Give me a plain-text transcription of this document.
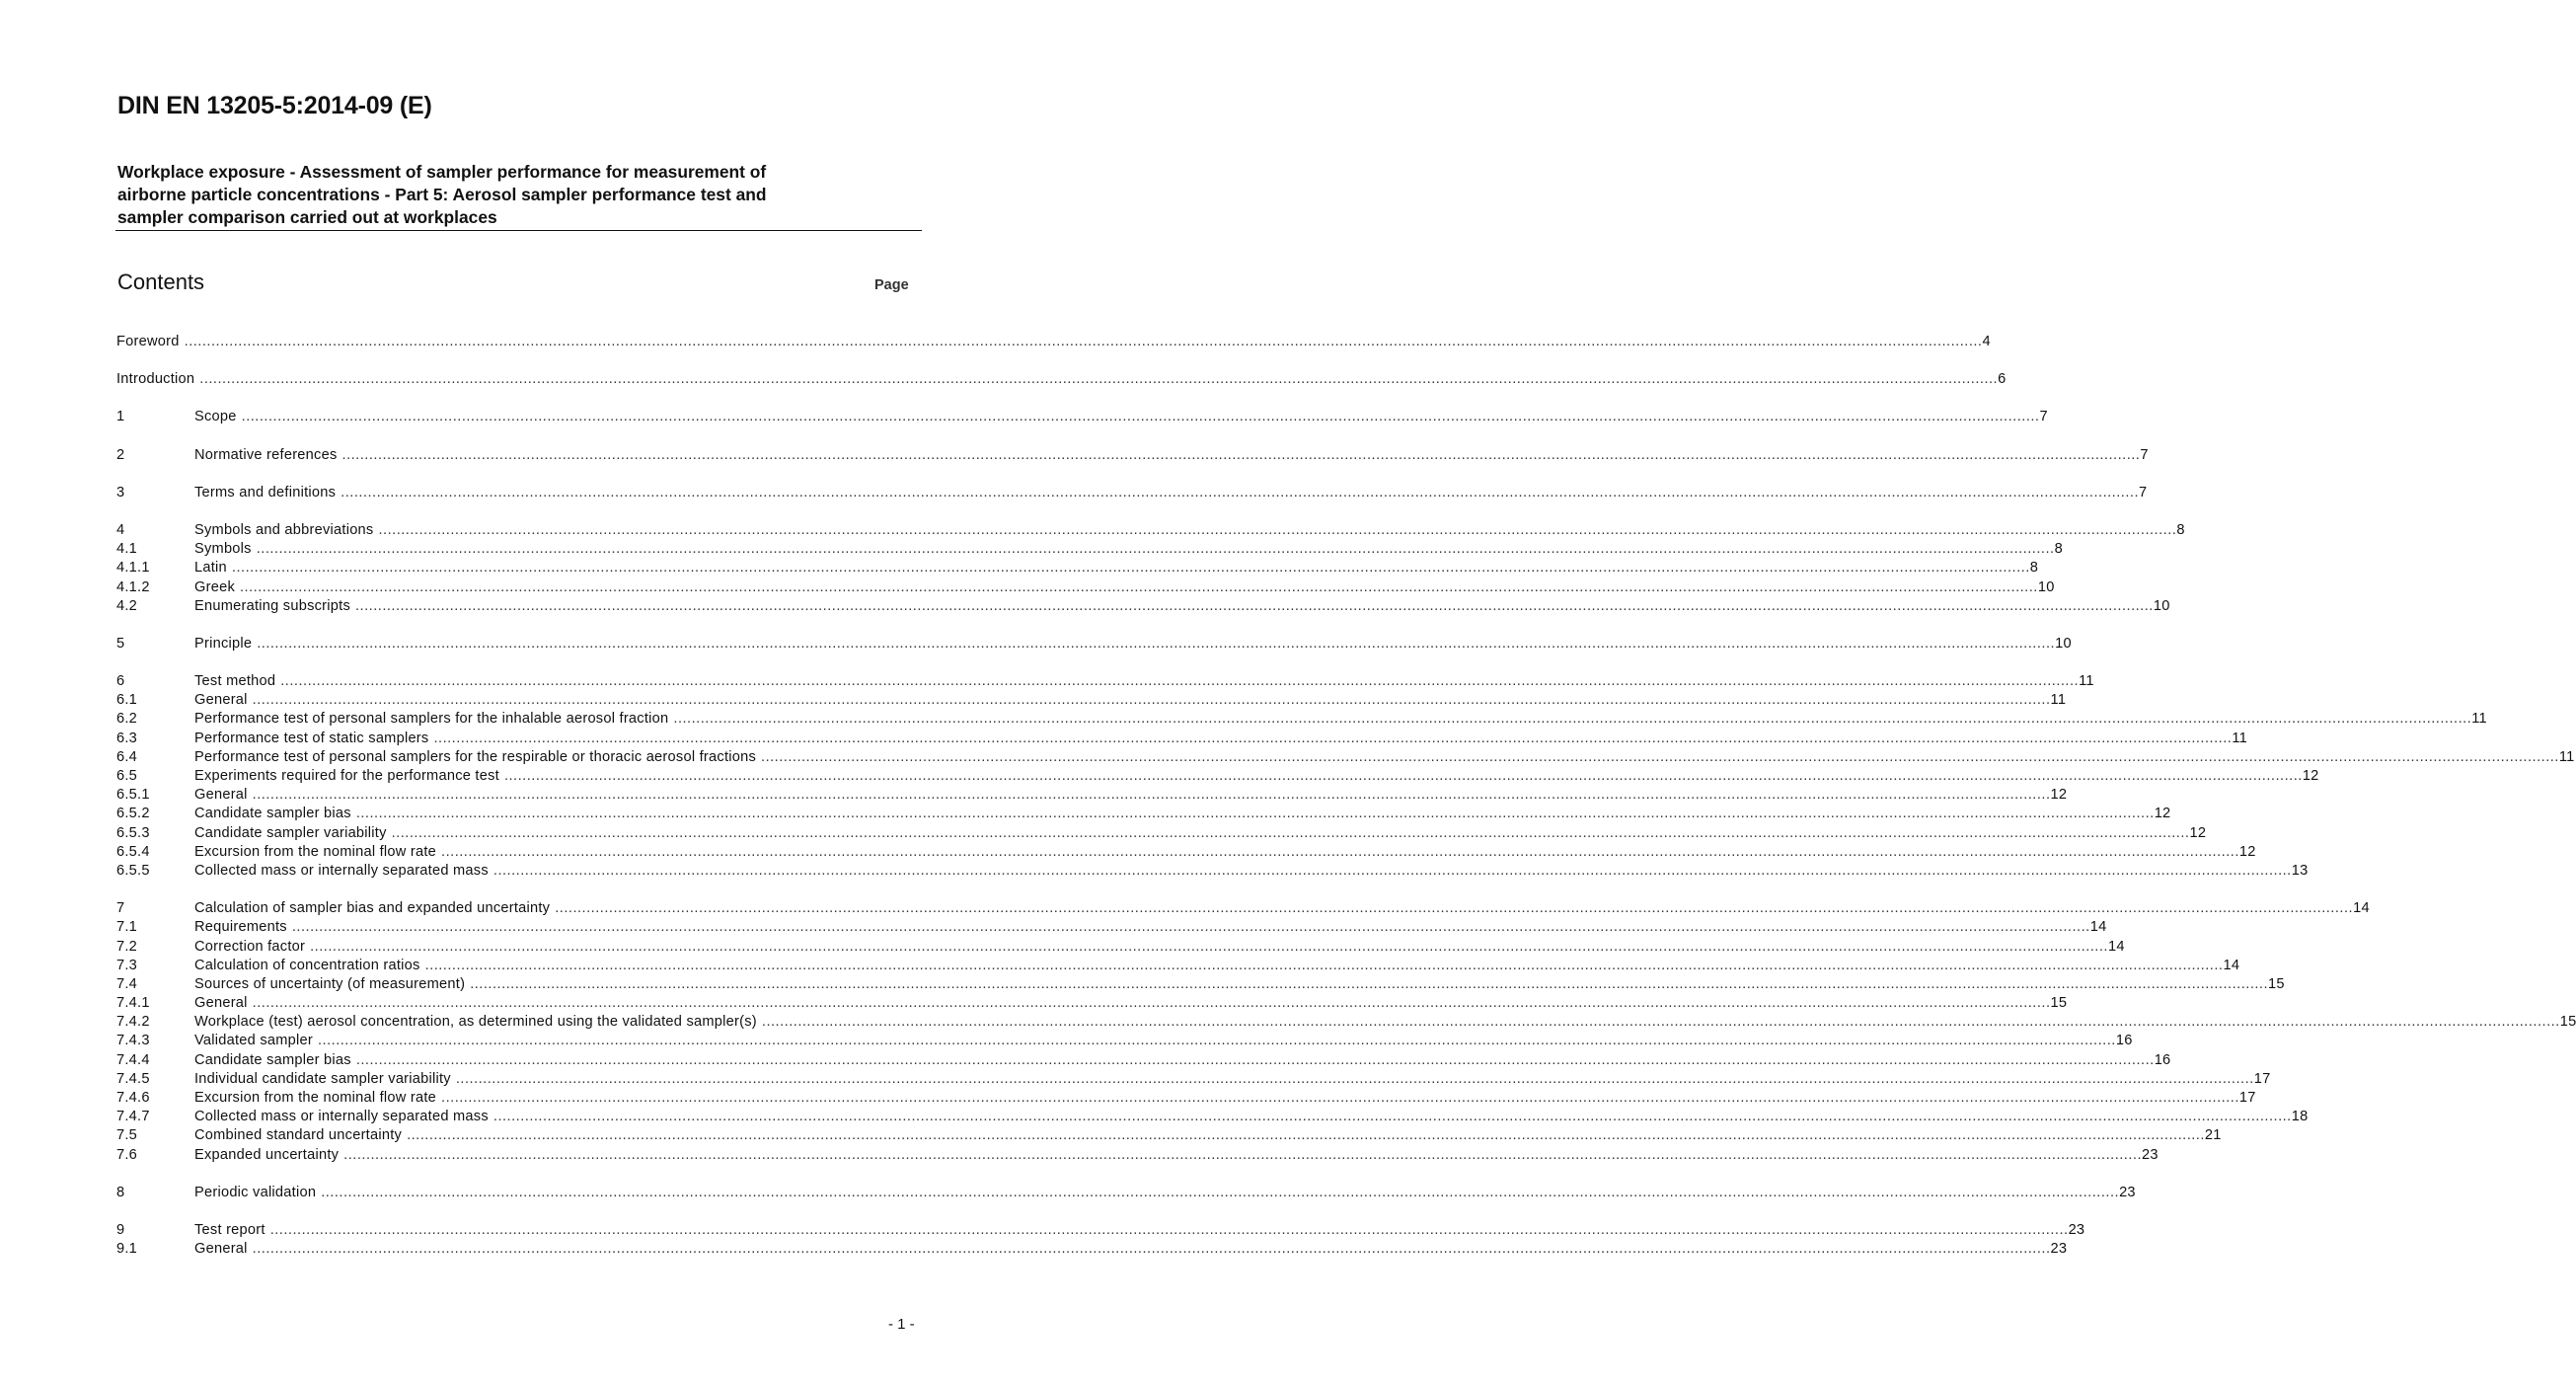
DIN EN 13205-5:2014-09 (E)
Workplace exposure - Assessment of sampler performance for measurement of
airborne particle concentrations - Part 5: Aerosol sampler performance test and
sampler comparison carried out at workplaces
Contents	Page
Foreword ................................................................................................................................................................................................................................................................................................................................................................................................................ 4
Introduction ................................................................................................................................................................................................................................................................................................................................................................................................................ 6
1	Scope ................................................................................................................................................................................................................................................................................................................................................................................................................ 7
2	Normative references ................................................................................................................................................................................................................................................................................................................................................................................................................ 7
3	Terms and definitions ................................................................................................................................................................................................................................................................................................................................................................................................................ 7
4	Symbols and abbreviations ................................................................................................................................................................................................................................................................................................................................................................................................................ 8
4.1	Symbols ................................................................................................................................................................................................................................................................................................................................................................................................................ 8
4.1.1	Latin ................................................................................................................................................................................................................................................................................................................................................................................................................ 8
4.1.2	Greek ................................................................................................................................................................................................................................................................................................................................................................................................................ 10
4.2	Enumerating subscripts ................................................................................................................................................................................................................................................................................................................................................................................................................ 10
5	Principle ................................................................................................................................................................................................................................................................................................................................................................................................................ 10
6	Test method ................................................................................................................................................................................................................................................................................................................................................................................................................ 11
6.1	General ................................................................................................................................................................................................................................................................................................................................................................................................................ 11
6.2	Performance test of personal samplers for the inhalable aerosol fraction ................................................................................................................................................................................................................................................................................................................................................................................................................ 11
6.3	Performance test of static samplers ................................................................................................................................................................................................................................................................................................................................................................................................................ 11
6.4	Performance test of personal samplers for the respirable or thoracic aerosol fractions ................................................................................................................................................................................................................................................................................................................................................................................................................ 11
6.5	Experiments required for the performance test ................................................................................................................................................................................................................................................................................................................................................................................................................ 12
6.5.1	General ................................................................................................................................................................................................................................................................................................................................................................................................................ 12
6.5.2	Candidate sampler bias ................................................................................................................................................................................................................................................................................................................................................................................................................ 12
6.5.3	Candidate sampler variability ................................................................................................................................................................................................................................................................................................................................................................................................................ 12
6.5.4	Excursion from the nominal flow rate ................................................................................................................................................................................................................................................................................................................................................................................................................ 12
6.5.5	Collected mass or internally separated mass ................................................................................................................................................................................................................................................................................................................................................................................................................ 13
7	Calculation of sampler bias and expanded uncertainty ................................................................................................................................................................................................................................................................................................................................................................................................................ 14
7.1	Requirements ................................................................................................................................................................................................................................................................................................................................................................................................................ 14
7.2	Correction factor ................................................................................................................................................................................................................................................................................................................................................................................................................ 14
7.3	Calculation of concentration ratios ................................................................................................................................................................................................................................................................................................................................................................................................................ 14
7.4	Sources of uncertainty (of measurement) ................................................................................................................................................................................................................................................................................................................................................................................................................ 15
7.4.1	General ................................................................................................................................................................................................................................................................................................................................................................................................................ 15
7.4.2	Workplace (test) aerosol concentration, as determined using the validated sampler(s) ................................................................................................................................................................................................................................................................................................................................................................................................................ 15
7.4.3	Validated sampler ................................................................................................................................................................................................................................................................................................................................................................................................................ 16
7.4.4	Candidate sampler bias ................................................................................................................................................................................................................................................................................................................................................................................................................ 16
7.4.5	Individual candidate sampler variability ................................................................................................................................................................................................................................................................................................................................................................................................................ 17
7.4.6	Excursion from the nominal flow rate ................................................................................................................................................................................................................................................................................................................................................................................................................ 17
7.4.7	Collected mass or internally separated mass ................................................................................................................................................................................................................................................................................................................................................................................................................ 18
7.5	Combined standard uncertainty ................................................................................................................................................................................................................................................................................................................................................................................................................ 21
7.6	Expanded uncertainty ................................................................................................................................................................................................................................................................................................................................................................................................................ 23
8	Periodic validation ................................................................................................................................................................................................................................................................................................................................................................................................................ 23
9	Test report ................................................................................................................................................................................................................................................................................................................................................................................................................ 23
9.1	General ................................................................................................................................................................................................................................................................................................................................................................................................................ 23
- 1 -
